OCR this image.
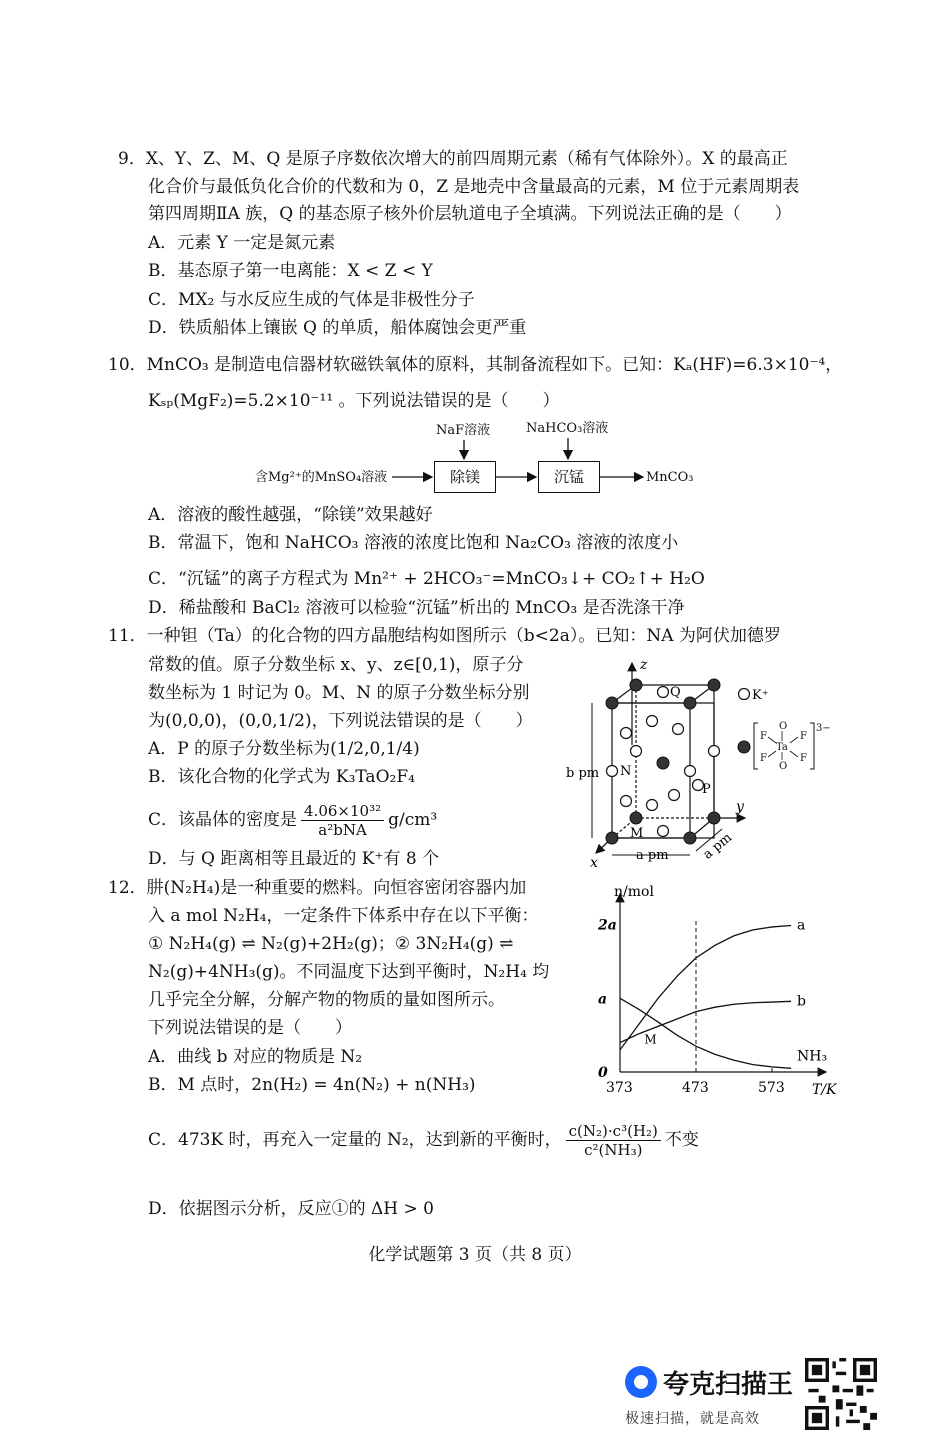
9．X、Y、Z、M、Q 是原子序数依次增大的前四周期元素（稀有气体除外）。X 的最高正
化合价与最低负化合价的代数和为 0，Z 是地壳中含量最高的元素，M 位于元素周期表
第四周期ⅡA 族，Q 的基态原子核外价层轨道电子全填满。下列说法正确的是（　　）
A．元素 Y 一定是氮元素
B．基态原子第一电离能：X < Z < Y
C．MX₂ 与水反应生成的气体是非极性分子
D．铁质船体上镶嵌 Q 的单质，船体腐蚀会更严重
10．MnCO₃ 是制造电信器材软磁铁氧体的原料，其制备流程如下。已知：Kₐ(HF)=6.3×10⁻⁴，
Kₛₚ(MgF₂)=5.2×10⁻¹¹ 。下列说法错误的是（　　）
NaF溶液	NaHCO₃溶液
含Mg²⁺的MnSO₄溶液	除镁	沉锰	MnCO₃
A．溶液的酸性越强，“除镁”效果越好
B．常温下，饱和 NaHCO₃ 溶液的浓度比饱和 Na₂CO₃ 溶液的浓度小
C．“沉锰”的离子方程式为 Mn²⁺ + 2HCO₃⁻=MnCO₃↓+ CO₂↑+ H₂O
D．稀盐酸和 BaCl₂ 溶液可以检验“沉锰”析出的 MnCO₃ 是否洗涤干净
11．一种钽（Ta）的化合物的四方晶胞结构如图所示（b<2a）。已知：NA 为阿伏加德罗
常数的值。原子分数坐标 x、y、z∈[0,1)，原子分
数坐标为 1 时记为 0。M、N 的原子分数坐标分别
为(0,0,0)，(0,0,1/2)，下列说法错误的是（　　）
A．P 的原子分数坐标为(1/2,0,1/4)
B．该化合物的化学式为 K₃TaO₂F₄
C．该晶体的密度是 $\frac{\text{4.06×10³²}}{\text{a²bNA}} g/cm^3$
D．与 Q 距离相等且最近的 K⁺有 8 个
z
y
x
b pm
a pm a pm
Q
N
P
M
K⁺
3−
Ta
O
O
F	F
F	F
12．肼(N₂H₄)是一种重要的燃料。向恒容密闭容器内加
入 a mol N₂H₄，一定条件下体系中存在以下平衡：
① N₂H₄(g) ⇌ N₂(g)+2H₂(g)；② 3N₂H₄(g) ⇌
N₂(g)+4NH₃(g)。不同温度下达到平衡时，N₂H₄ 均
几乎完全分解，分解产物的物质的量如图所示。
下列说法错误的是（　　）
A．曲线 b 对应的物质是 N₂
B．M 点时，2n(H₂) = 4n(N₂) + n(NH₃)
C．473K 时，再充入一定量的 N₂，达到新的平衡时， $\frac{\text{c(N₂)·c³(H₂)}}{\text{c²(NH₃)}}$ 不变
D．依据图示分析，反应①的 ΔH > 0
n/mol
T/K
373	473	573
0
a
2a	a
b
NH₃
M
化学试题第 3 页（共 8 页）
夸克扫描王
极速扫描，就是高效
